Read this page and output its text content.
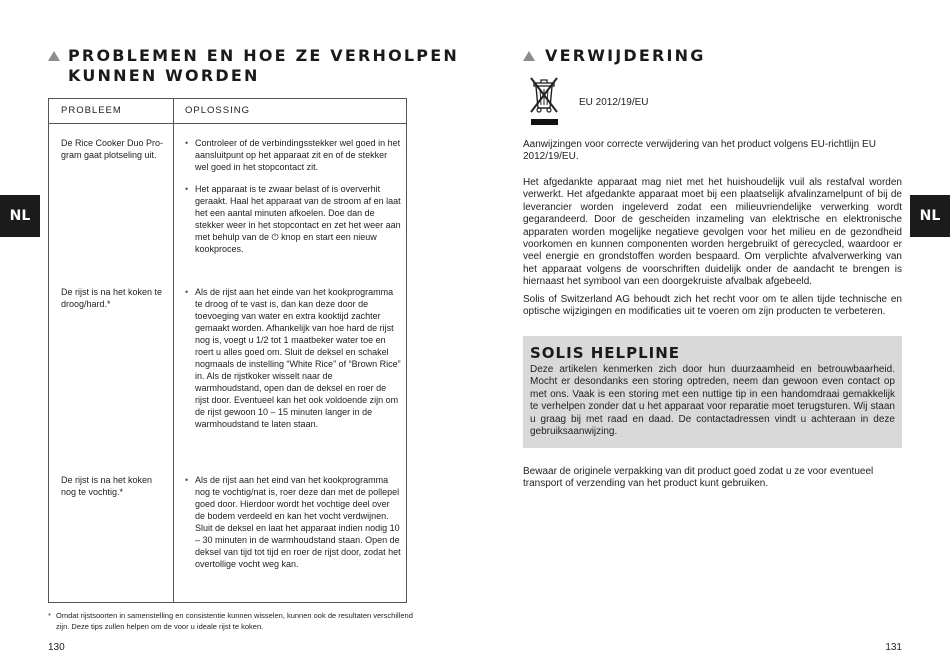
NL	NL
PROBLEMEN EN HOE ZE VERHOLPEN
KUNNEN WORDEN
PROBLEEM	OPLOSSING
De Rice Cooker Duo Pro-gram gaat plotseling uit.
• Controleer of de verbindingsstekker wel goed in het aansluitpunt op het apparaat zit en of de stekker wel goed in het stopcontact zit.
• Het apparaat is te zwaar belast of is oververhit geraakt. Haal het apparaat van de stroom af en laat het een aantal minuten afkoelen. Doe dan de stekker weer in het stopcontact en zet het weer aan met behulp van de ⏻ knop en start een nieuw kookproces.
De rijst is na het koken te droog/hard.*
• Als de rijst aan het einde van het kookprogramma te droog of te vast is, dan kan deze door de toevoeging van water en extra kooktijd zachter gemaakt worden. Afhankelijk van hoe hard de rijst nog is, voegt u 1/2 tot 1 maatbeker water toe en roert u alles goed om. Sluit de deksel en schakel nogmaals de instelling “White Rice” of “Brown Rice” in. Als de rijstkoker wisselt naar de warmhoudstand, open dan de deksel en roer de rijst door. Eventueel kan het ook voldoende zijn om de rijst gewoon 10 – 15 minuten langer in de warmhoudstand te laten staan.
De rijst is na het koken nog te vochtig.*
• Als de rijst aan het eind van het kookprogramma nog te vochtig/nat is, roer deze dan met de pollepel goed door. Hierdoor wordt het vochtige deel over de bodem verdeeld en kan het vocht verdwijnen. Sluit de deksel en laat het apparaat indien nodig 10 – 30 minuten in de warmhoudstand staan. Open de deksel van tijd tot tijd en roer de rijst door, zodat het overtollige vocht weg kan.
* Omdat rijstsoorten in samenstelling en consistentie kunnen wisselen, kunnen ook de resultaten verschillend zijn. Deze tips zullen helpen om de voor u ideale rijst te koken.
130
VERWIJDERING
EU 2012/19/EU
Aanwijzingen voor correcte verwijdering van het product volgens EU-richtlijn EU 2012/19/EU.
Het afgedankte apparaat mag niet met het huishoudelijk vuil als restafval worden verwerkt. Het afgedankte apparaat moet bij een plaatselijk afvalinzamelpunt of bij de leverancier worden ingeleverd zodat een milieuvriendelijke verwerking wordt gegarandeerd. Door de gescheiden inzameling van elektrische en elektronische apparaten worden mogelijke negatieve gevolgen voor het milieu en de gezondheid voorkomen en kunnen componenten worden hergebruikt of gerecycled, waardoor er veel energie en grondstoffen worden bespaard. Om verplichte afvalverwerking van het apparaat volgens de voorschriften duidelijk onder de aandacht te brengen is hiernaast het symbool van een doorgekruiste afvalbak afgebeeld.
Solis of Switzerland AG behoudt zich het recht voor om te allen tijde technische en optische wijzigingen en modificaties uit te voeren om zijn producten te verbeteren.
SOLIS HELPLINE
Deze artikelen kenmerken zich door hun duurzaamheid en betrouwbaarheid. Mocht er desondanks een storing optreden, neem dan gewoon even contact op met ons. Vaak is een storing met een nuttige tip in een handomdraai gemakkelijk te verhelpen zonder dat u het apparaat voor reparatie moet terugsturen. Wij staan u graag bij met raad en daad. De contactadressen vindt u achteraan in deze gebruiksaanwijzing.
Bewaar de originele verpakking van dit product goed zodat u ze voor eventueel transport of verzending van het product kunt gebruiken.
131
